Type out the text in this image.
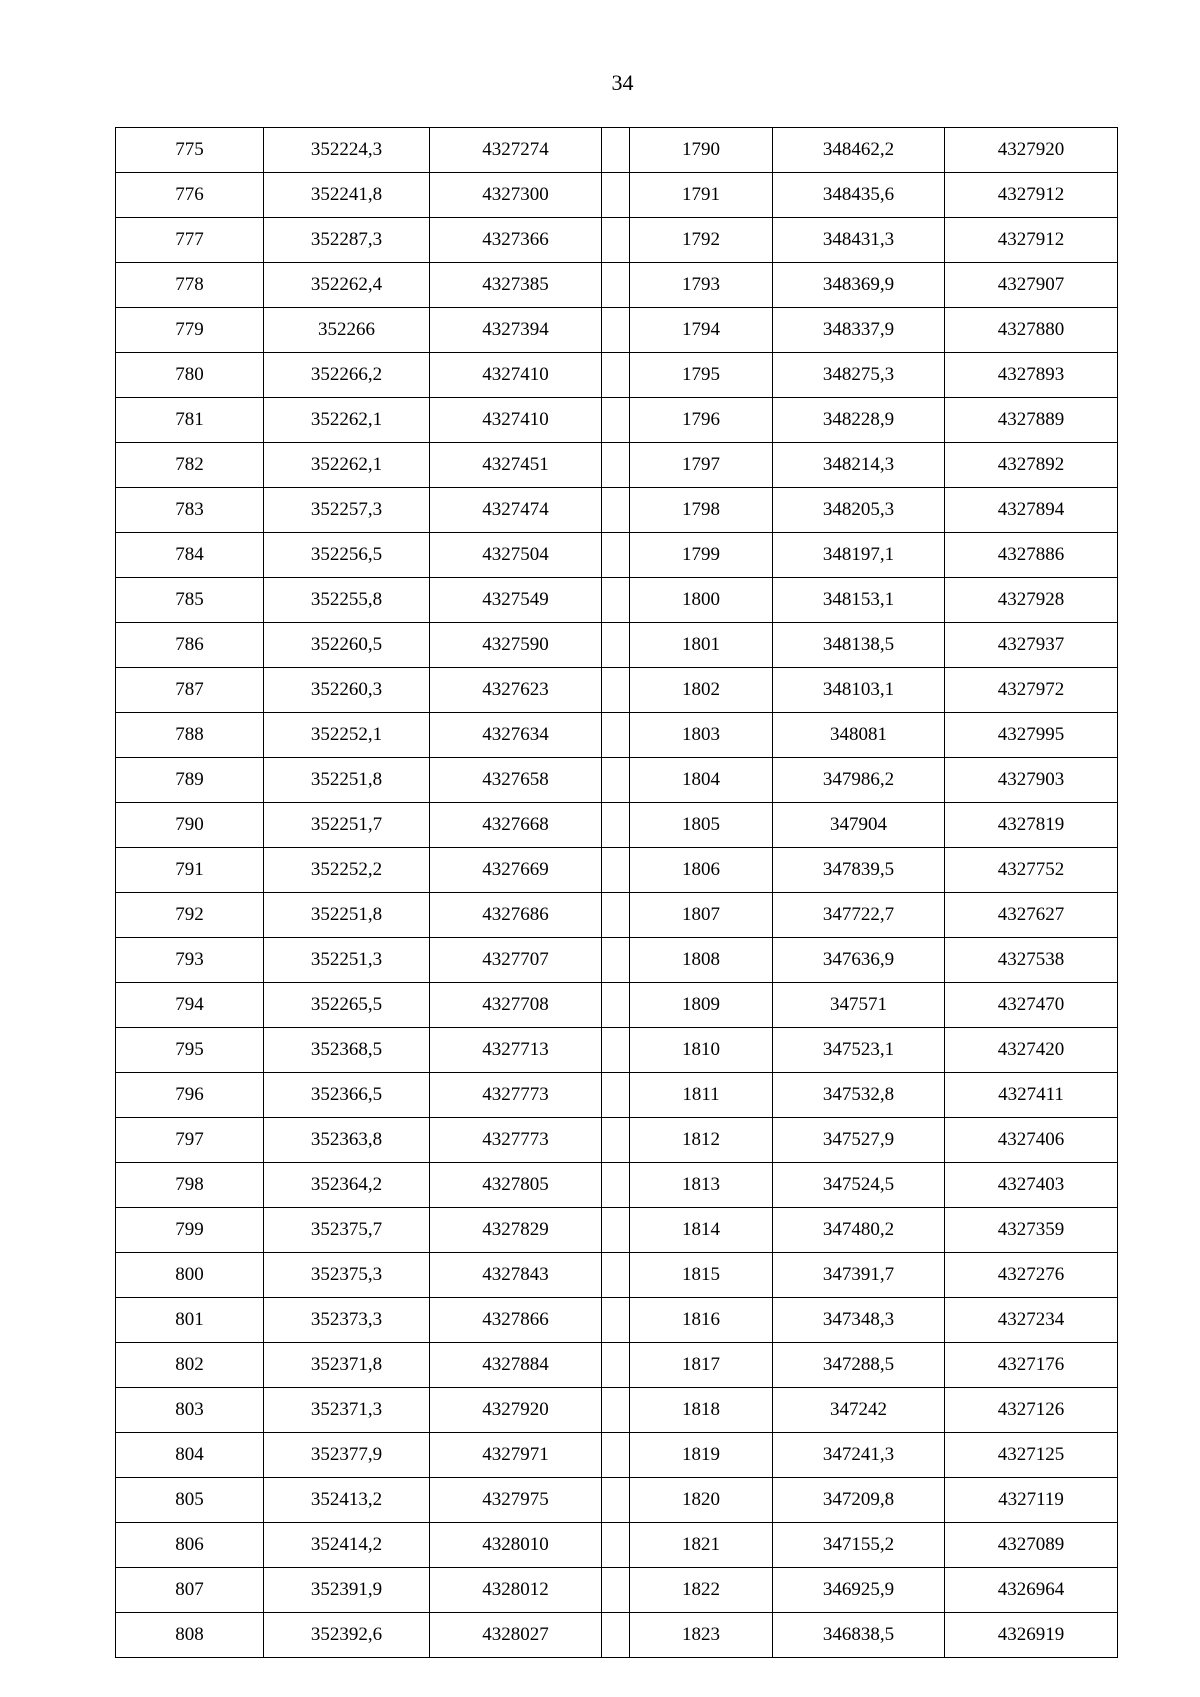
34
775	352224,3	4327274		1790	348462,2	4327920
776	352241,8	4327300		1791	348435,6	4327912
777	352287,3	4327366		1792	348431,3	4327912
778	352262,4	4327385		1793	348369,9	4327907
779	352266	4327394		1794	348337,9	4327880
780	352266,2	4327410		1795	348275,3	4327893
781	352262,1	4327410		1796	348228,9	4327889
782	352262,1	4327451		1797	348214,3	4327892
783	352257,3	4327474		1798	348205,3	4327894
784	352256,5	4327504		1799	348197,1	4327886
785	352255,8	4327549		1800	348153,1	4327928
786	352260,5	4327590		1801	348138,5	4327937
787	352260,3	4327623		1802	348103,1	4327972
788	352252,1	4327634		1803	348081	4327995
789	352251,8	4327658		1804	347986,2	4327903
790	352251,7	4327668		1805	347904	4327819
791	352252,2	4327669		1806	347839,5	4327752
792	352251,8	4327686		1807	347722,7	4327627
793	352251,3	4327707		1808	347636,9	4327538
794	352265,5	4327708		1809	347571	4327470
795	352368,5	4327713		1810	347523,1	4327420
796	352366,5	4327773		1811	347532,8	4327411
797	352363,8	4327773		1812	347527,9	4327406
798	352364,2	4327805		1813	347524,5	4327403
799	352375,7	4327829		1814	347480,2	4327359
800	352375,3	4327843		1815	347391,7	4327276
801	352373,3	4327866		1816	347348,3	4327234
802	352371,8	4327884		1817	347288,5	4327176
803	352371,3	4327920		1818	347242	4327126
804	352377,9	4327971		1819	347241,3	4327125
805	352413,2	4327975		1820	347209,8	4327119
806	352414,2	4328010		1821	347155,2	4327089
807	352391,9	4328012		1822	346925,9	4326964
808	352392,6	4328027		1823	346838,5	4326919
